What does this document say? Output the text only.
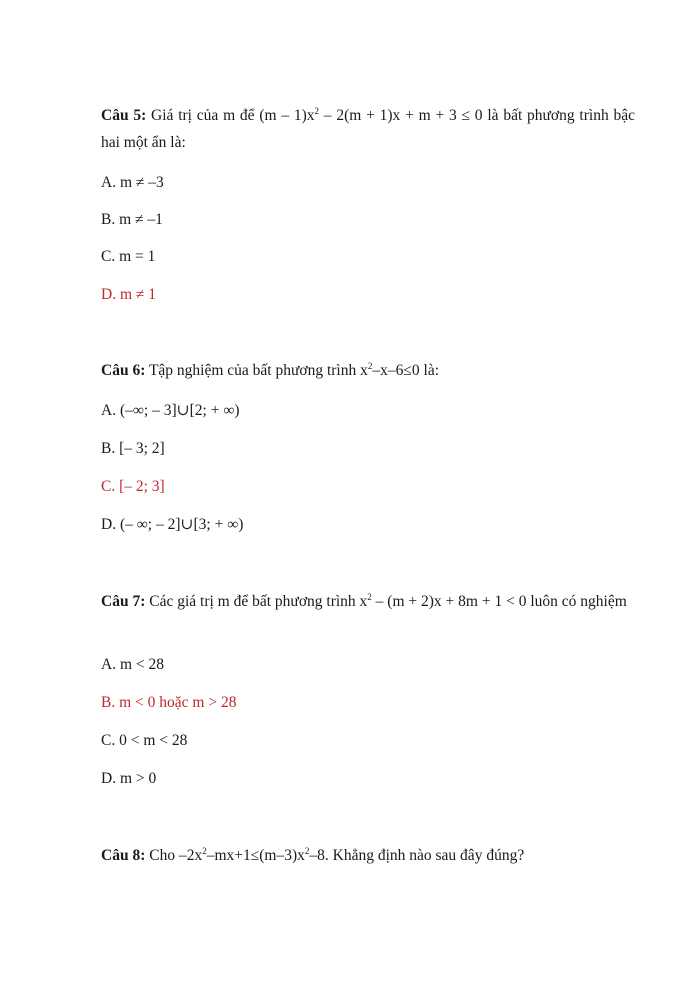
Câu 5: Giá trị của m để $(m - 1)x^2 - 2(m + 1)x + m + 3 \le 0$ là bất phương trình bậc hai một ẩn là:

A. m ≠ –3

B. m ≠ –1

C. m = 1

D. m ≠ 1

Câu 6: Tập nghiệm của bất phương trình $x^2-x-6\le 0$ là:

A. (–∞; – 3]∪[2; + ∞)

B. [– 3; 2]

C. [– 2; 3]

D. (– ∞; – 2]∪[3; + ∞)

Câu 7: Các giá trị m để bất phương trình $x^2 - (m + 2)x + 8m + 1 < 0$ luôn có nghiệm

A. m < 28

B. m < 0 hoặc m > 28

C. 0 < m < 28

D. m > 0

Câu 8: Cho $-2x^2-mx+1\le(m-3)x^2-8$. Khẳng định nào sau đây đúng?
